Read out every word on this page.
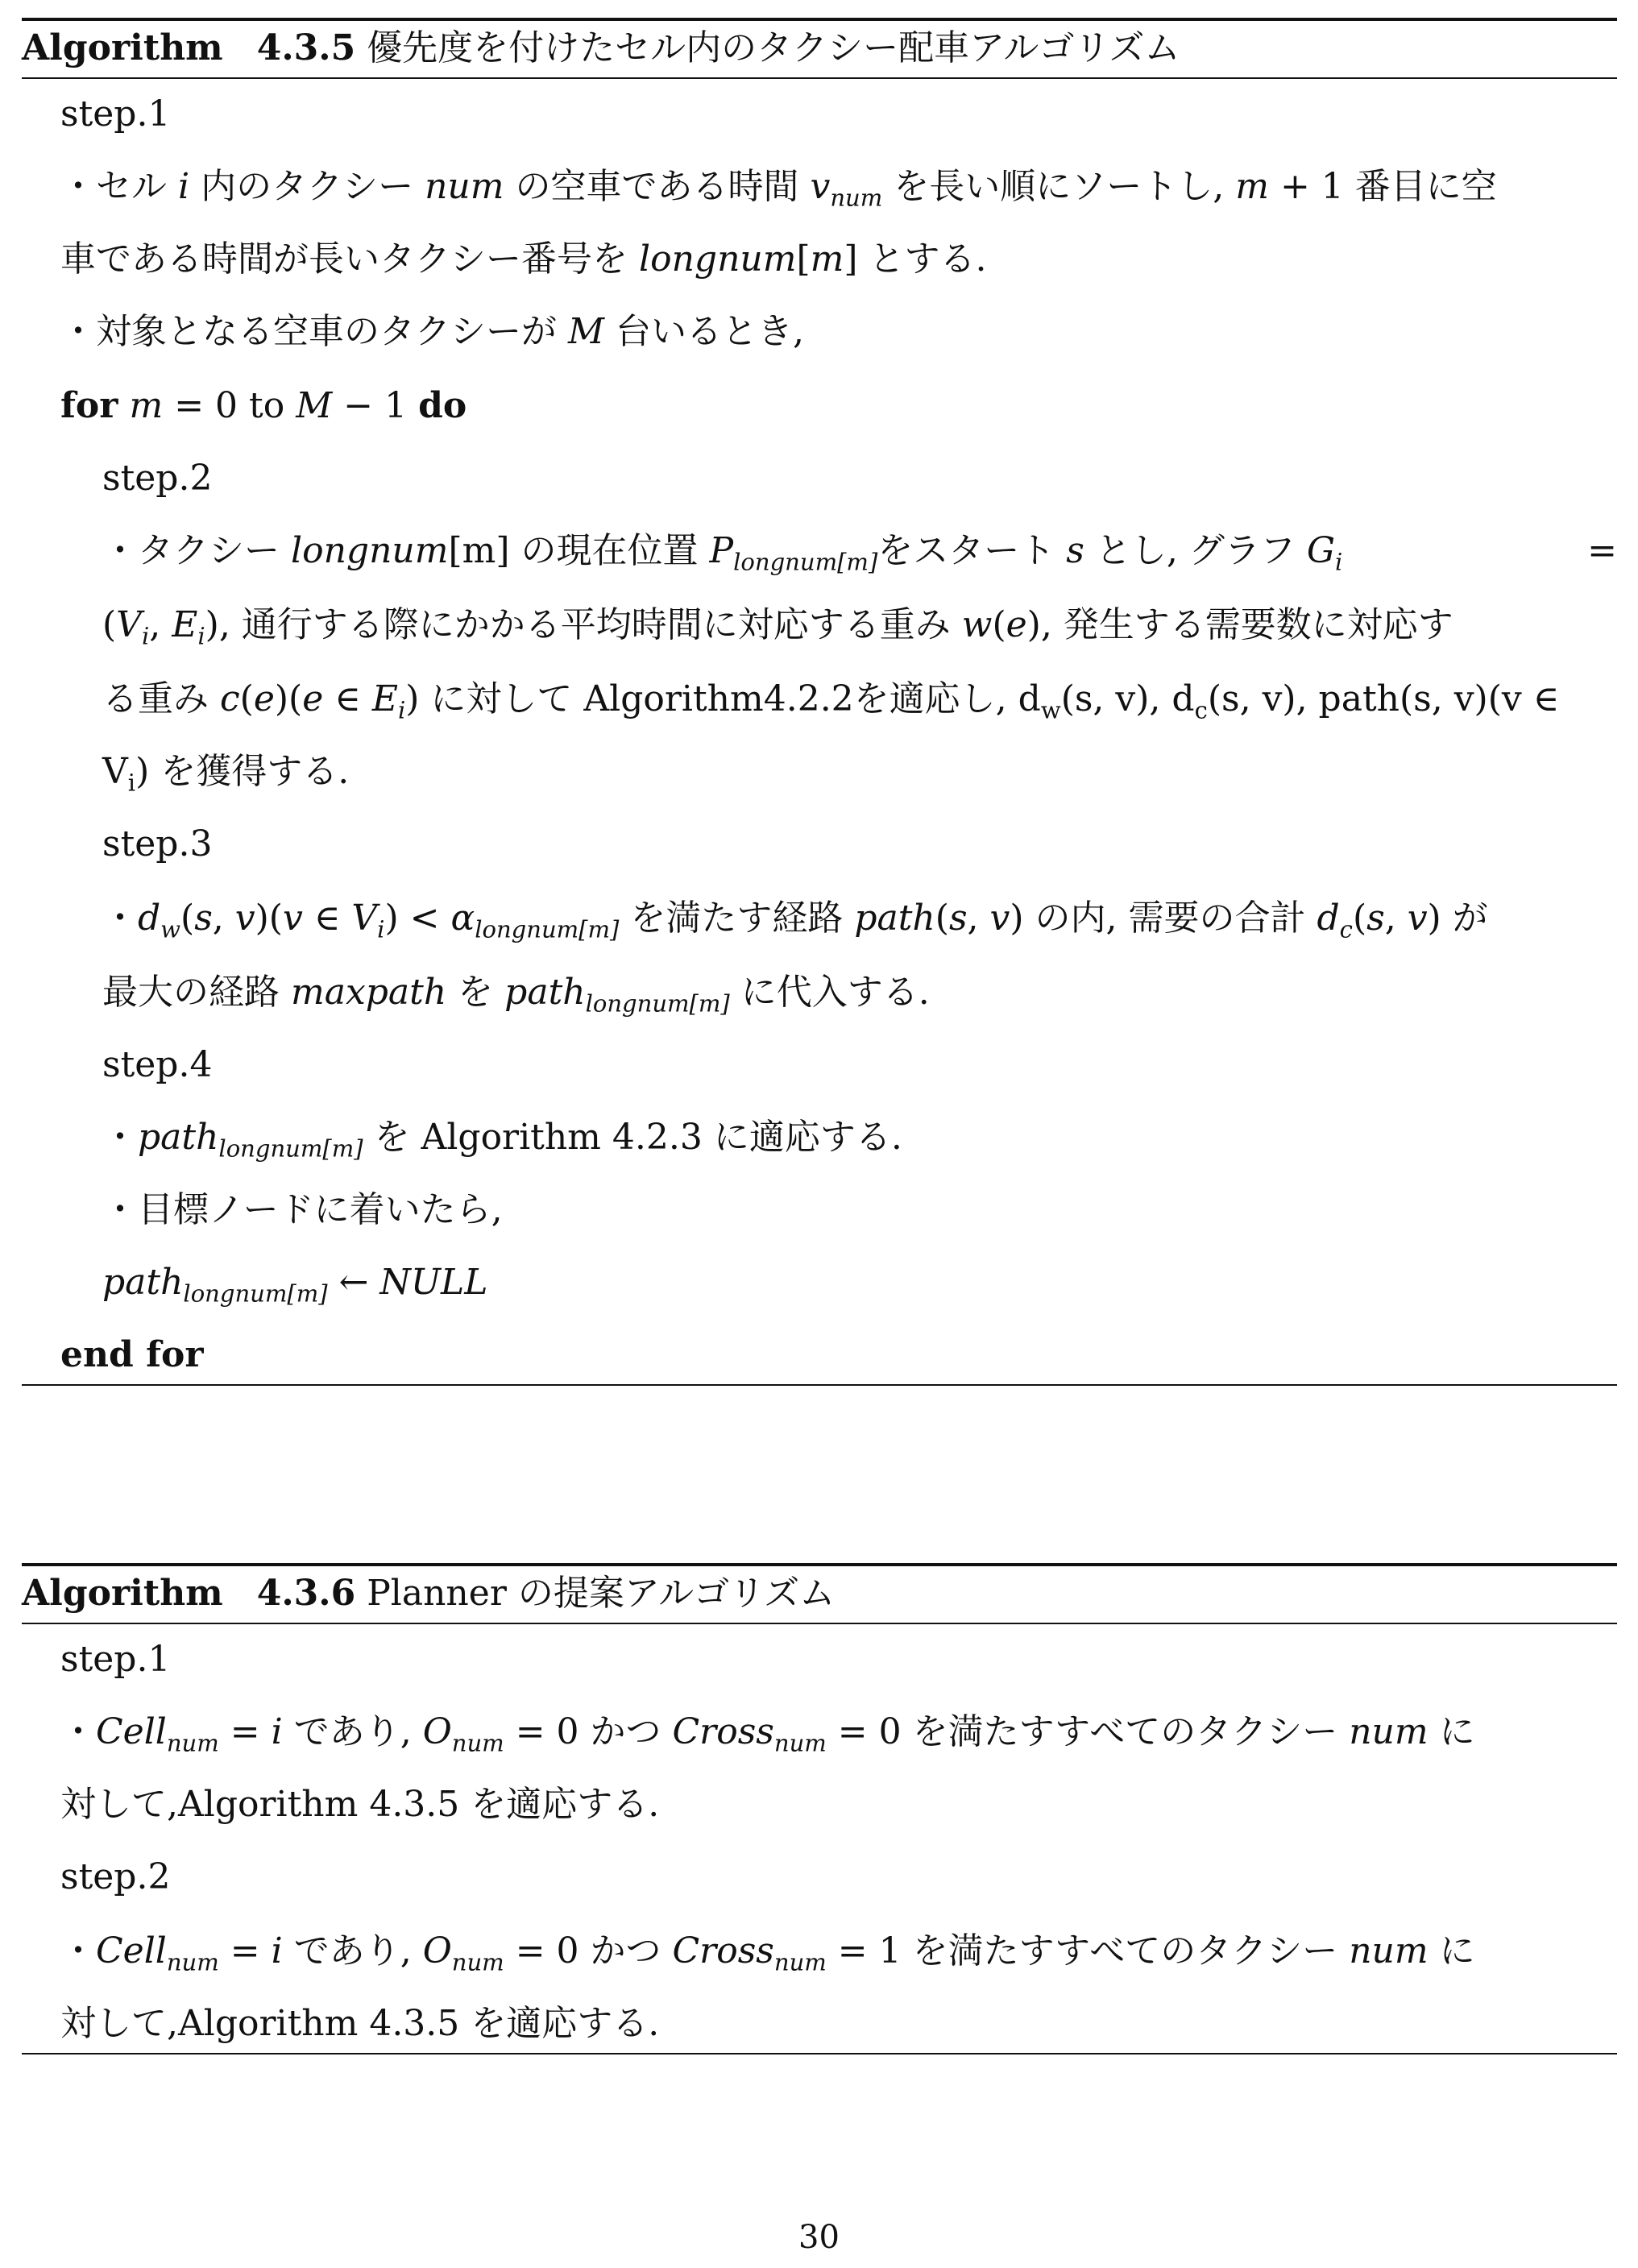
Algorithm 4.3.5 優先度を付けたセル内のタクシー配車アルゴリズム
step.1
・セル i 内のタクシー num の空車である時間 $v_{num}$ を長い順にソートし, m + 1 番目に空
車である時間が長いタクシー番号を longnum[m] とする.
・対象となる空車のタクシーが M 台いるとき,
for m = 0 to M − 1 do
step.2
・タクシー longnum[m] の現在位置 $P_{longnum[m]}$をスタート s とし, グラフ $G_i$	=
($V_i$, $E_i$), 通行する際にかかる平均時間に対応する重み w(e), 発生する需要数に対応す
る重み c(e)(e ∈ $E_i$) に対して Algorithm4.2.2を適応し, $d_w(s$, v), $d_c(s$, v), path(s, v)(v ∈
$V_i$) を獲得する.
step.3
・$d_w(s$, v)(v ∈ $V_i) < \alpha_{longnum[m]}$ を満たす経路 path(s, v) の内, 需要の合計 $d_c(s$, v) が
最大の経路 maxpath を path$_{longnum[m]}$ に代入する.
step.4
・path$_{longnum[m]}$ を Algorithm 4.2.3 に適応する.
・目標ノードに着いたら,
path$_{longnum[m]}$ ← NULL
end for
Algorithm 4.3.6 Planner の提案アルゴリズム
step.1
・Cell$_{num}$ = i であり, $O_{num} = 0$ かつ Cross$_{num}$ = 0 を満たすすべてのタクシー num に
対して,Algorithm 4.3.5 を適応する.
step.2
・Cell$_{num}$ = i であり, $O_{num} = 0$ かつ Cross$_{num}$ = 1 を満たすすべてのタクシー num に
対して,Algorithm 4.3.5 を適応する.
30
